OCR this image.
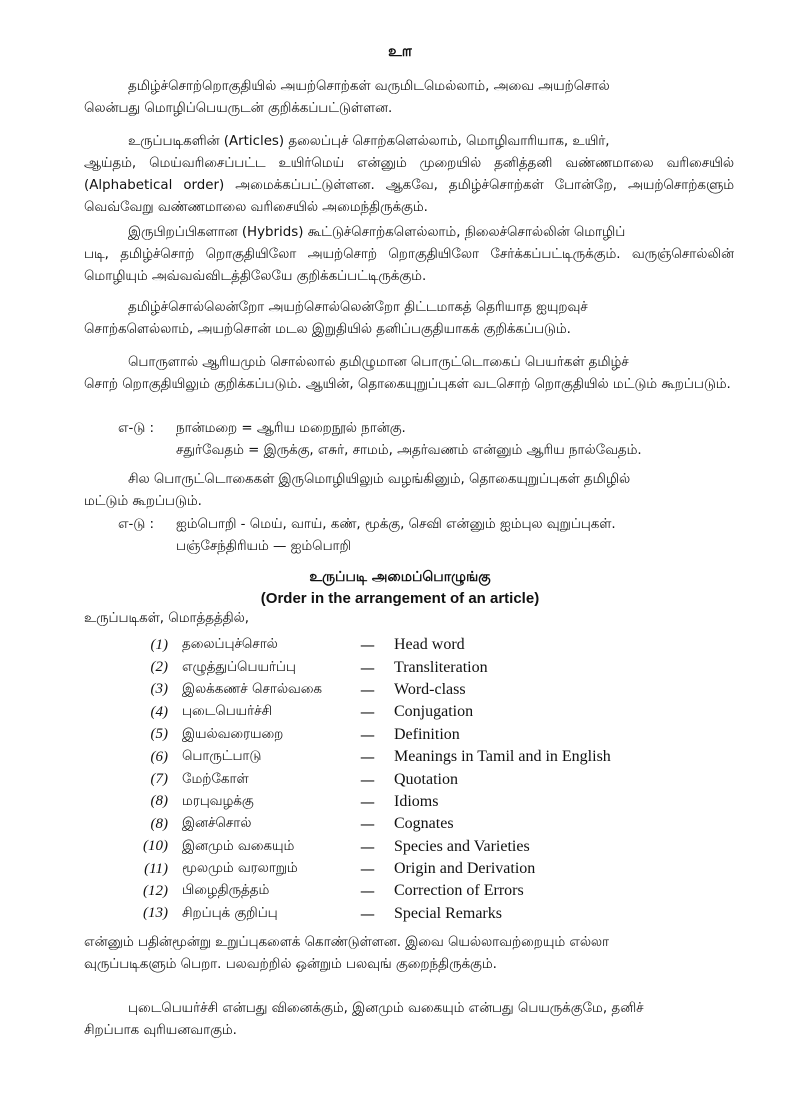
உ௱

தமிழ்ச்சொற்றொகுதியில் அயற்சொற்கள் வருமிடமெல்லாம், அவை அயற்சொல்

லென்பது மொழிப்பெயருடன் குறிக்கப்பட்டுள்ளன.

உருப்படிகளின் (Articles) தலைப்புச் சொற்களெல்லாம், மொழிவாரியாக, உயிர்,

ஆய்தம், மெய்வரிசைப்பட்ட உயிர்மெய் என்னும் முறையில் தனித்தனி வண்ணமாலை வரிசையில் (Alphabetical order) அமைக்கப்பட்டுள்ளன. ஆகவே, தமிழ்ச்சொற்கள் போன்றே, அயற்சொற்களும் வெவ்வேறு வண்ணமாலை வரிசையில் அமைந்திருக்கும்.

இருபிறப்பிகளான (Hybrids) கூட்டுச்சொற்களெல்லாம், நிலைச்சொல்லின் மொழிப்

படி, தமிழ்ச்சொற் றொகுதியிலோ அயற்சொற் றொகுதியிலோ சேர்க்கப்பட்டிருக்கும். வருஞ்சொல்லின் மொழியும் அவ்வவ்விடத்திலேயே குறிக்கப்பட்டிருக்கும்.

தமிழ்ச்சொல்லென்றோ அயற்சொல்லென்றோ திட்டமாகத் தெரியாத ஐயுறவுச்

சொற்களெல்லாம், அயற்சொன் மடல இறுதியில் தனிப்பகுதியாகக் குறிக்கப்படும்.

பொருளால் ஆரியமும் சொல்லால் தமிழுமான பொருட்டொகைப் பெயர்கள் தமிழ்ச்

சொற் றொகுதியிலும் குறிக்கப்படும். ஆயின், தொகையுறுப்புகள் வடசொற் றொகுதியில் மட்டும் கூறப்படும்.

எ-டு :	நான்மறை = ஆரிய மறைநூல் நான்கு.
சதுர்வேதம் = இருக்கு, எசுர், சாமம், அதர்வணம் என்னும் ஆரிய நால்வேதம்.

சில பொருட்டொகைகள் இருமொழியிலும் வழங்கினும், தொகையுறுப்புகள் தமிழில்

மட்டும் கூறப்படும்.

எ-டு :	ஐம்பொறி - மெய், வாய், கண், மூக்கு, செவி என்னும் ஐம்புல வுறுப்புகள்.
பஞ்சேந்திரியம் — ஐம்பொறி
உருப்படி அமைப்பொழுங்கு
(Order in the arrangement of an article)
உருப்படிகள், மொத்தத்தில்,
(1)	தலைப்புச்சொல்	—	Head word
(2)	எழுத்துப்பெயர்ப்பு	—	Transliteration
(3)	இலக்கணச் சொல்வகை	—	Word-class
(4)	புடைபெயர்ச்சி	—	Conjugation
(5)	இயல்வரையறை	—	Definition
(6)	பொருட்பாடு	—	Meanings in Tamil and in English
(7)	மேற்கோள்	—	Quotation
(8)	மரபுவழக்கு	—	Idioms
(8)	இனச்சொல்	—	Cognates
(10)	இனமும் வகையும்	—	Species and Varieties
(11)	மூலமும் வரலாறும்	—	Origin and Derivation
(12)	பிழைதிருத்தம்	—	Correction of Errors
(13)	சிறப்புக் குறிப்பு	—	Special Remarks

என்னும் பதின்மூன்று உறுப்புகளைக் கொண்டுள்ளன. இவை யெல்லாவற்றையும் எல்லா

வுருப்படிகளும் பெறா. பலவற்றில் ஒன்றும் பலவுங் குறைந்திருக்கும்.

புடைபெயர்ச்சி என்பது வினைக்கும், இனமும் வகையும் என்பது பெயருக்குமே, தனிச்

சிறப்பாக வுரியனவாகும்.
